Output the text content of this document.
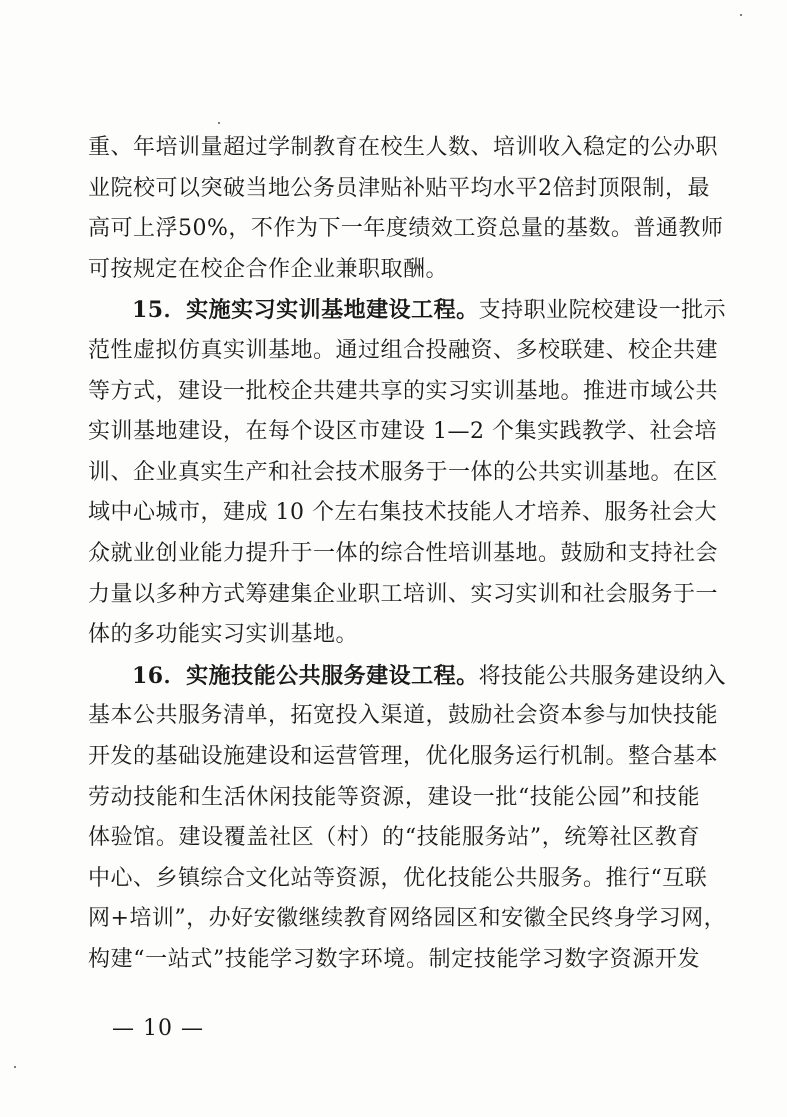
重、年培训量超过学制教育在校生人数、培训收入稳定的公办职
业院校可以突破当地公务员津贴补贴平均水平2倍封顶限制，最
高可上浮50%，不作为下一年度绩效工资总量的基数。普通教师
可按规定在校企合作企业兼职取酬。
15．实施实习实训基地建设工程。支持职业院校建设一批示
范性虚拟仿真实训基地。通过组合投融资、多校联建、校企共建
等方式，建设一批校企共建共享的实习实训基地。推进市域公共
实训基地建设，在每个设区市建设 1—2 个集实践教学、社会培
训、企业真实生产和社会技术服务于一体的公共实训基地。在区
域中心城市，建成 10 个左右集技术技能人才培养、服务社会大
众就业创业能力提升于一体的综合性培训基地。鼓励和支持社会
力量以多种方式筹建集企业职工培训、实习实训和社会服务于一
体的多功能实习实训基地。
16．实施技能公共服务建设工程。将技能公共服务建设纳入
基本公共服务清单，拓宽投入渠道，鼓励社会资本参与加快技能
开发的基础设施建设和运营管理，优化服务运行机制。整合基本
劳动技能和生活休闲技能等资源，建设一批“技能公园”和技能
体验馆。建设覆盖社区（村）的“技能服务站”，统筹社区教育
中心、乡镇综合文化站等资源，优化技能公共服务。推行“互联
网+培训”，办好安徽继续教育网络园区和安徽全民终身学习网，
构建“一站式”技能学习数字环境。制定技能学习数字资源开发
— 10 —
